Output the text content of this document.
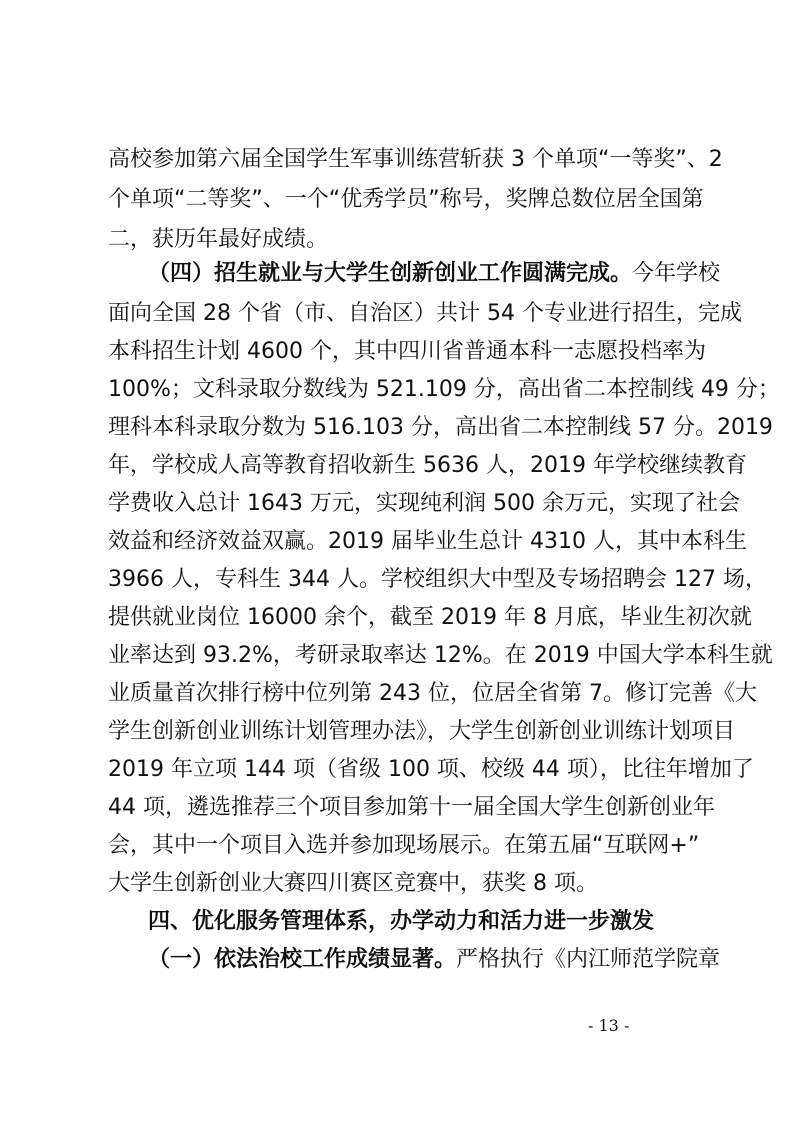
高校参加第六届全国学生军事训练营斩获 3 个单项“一等奖”、2
个单项“二等奖”、一个“优秀学员”称号，奖牌总数位居全国第
二，获历年最好成绩。
（四）招生就业与大学生创新创业工作圆满完成。今年学校
面向全国 28 个省（市、自治区）共计 54 个专业进行招生，完成
本科招生计划 4600 个，其中四川省普通本科一志愿投档率为
100%；文科录取分数线为 521.109 分，高出省二本控制线 49 分；
理科本科录取分数为 516.103 分，高出省二本控制线 57 分。2019
年，学校成人高等教育招收新生 5636 人，2019 年学校继续教育
学费收入总计 1643 万元，实现纯利润 500 余万元，实现了社会
效益和经济效益双赢。2019 届毕业生总计 4310 人，其中本科生
3966 人，专科生 344 人。学校组织大中型及专场招聘会 127 场，
提供就业岗位 16000 余个，截至 2019 年 8 月底，毕业生初次就
业率达到 93.2%，考研录取率达 12%。在 2019 中国大学本科生就
业质量首次排行榜中位列第 243 位，位居全省第 7。修订完善《大
学生创新创业训练计划管理办法》，大学生创新创业训练计划项目
2019 年立项 144 项（省级 100 项、校级 44 项），比往年增加了
44 项，遴选推荐三个项目参加第十一届全国大学生创新创业年
会，其中一个项目入选并参加现场展示。在第五届“互联网+”
大学生创新创业大赛四川赛区竞赛中，获奖 8 项。
四、优化服务管理体系，办学动力和活力进一步激发
（一）依法治校工作成绩显著。严格执行《内江师范学院章
- 13 -
